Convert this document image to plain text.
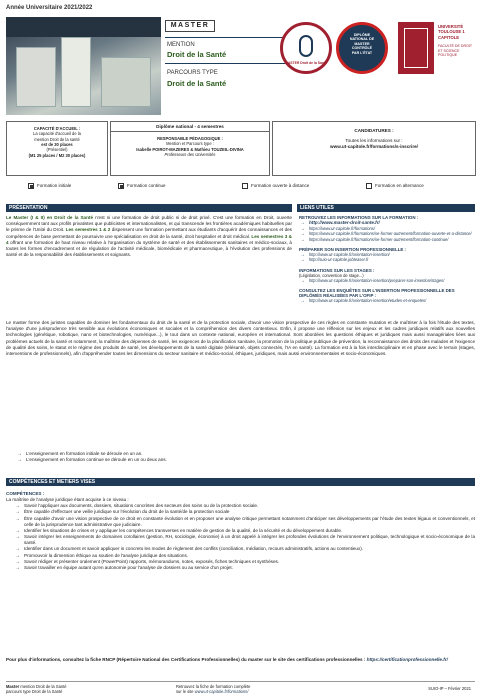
Année Universitaire 2021/2022
MASTER
MENTION
Droit de la Santé
PARCOURS TYPE
Droit de la Santé
MASTER Droit de la Santé
DIPLÔME
NATIONAL DE
MASTER
CONTRÔLÉ
PAR L'ÉTAT
UNIVERSITÉ
TOULOUSE 1
CAPITOLE
FACULTÉ DE DROIT ET SCIENCE POLITIQUE
CAPACITÉ D'ACCUEIL :
La capacité d'accueil de la
mention Droit de la santé
est de 30 places
(Présentiel)
(M1 25 places / M2 30 places)
Diplôme national - 4 semestres
RESPONSABLE PÉDAGOGIQUE :
Mention et Parcours type :
Isabelle POIROT-MAZERES & Mathieu TOUZEIL-DIVINA
Professeurs des Universités
CANDIDATURES :
Toutes les informations sur :
www.ut-capitole.fr/formations/s-inscrire/
Formation initiale	Formation continue	Formation ouverte à distance	Formation en alternance
PRÉSENTATION
Le Master (I & II) en Droit de la Santé n'est ni une formation de droit public ni de droit privé. C'est une formation en Droit, ouverte conséquemment tant aux profils privatistes que publicistes et internationalistes, et qui transcende les frontières académiques habituelles par le prisme de l'Unité du Droit. Les semestres 1 & 2 dispensent une formation permettant aux étudiants d'acquérir des connaissances et des compétences de base permettant de poursuivre une spécialisation en droit de la santé, droit hospitalier et droit médical. Les semestres 3 & 4 offrant une formation de haut niveau relative à l'organisation du système de santé et des établissements sanitaires et médico-sociaux, à toutes les formes d'encadrement et de régulation de l'activité médicale, biomédicale et pharmaceutique, à l'évolution des professions de santé et de la responsabilité des établissements et soignants.
Le master forme des juristes capables de dominer les fondamentaux du droit de la santé et de la protection sociale, d'avoir une vision prospective de ces règles en constante mutation et de maîtriser à la fois l'étude des textes, l'analyse d'une jurisprudence très sensible aux évolutions économiques et sociales et la compréhension des divers contentieux. Enfin, il propose une réflexion sur les enjeux et les cadres juridiques relatifs aux nouvelles technologies (génétique, robotique, nano et biotechnologies, numérique...), le tout dans un contexte national, européen et international. Sont abordées les questions éthiques et juridiques mais aussi managériales liées aux problèmes actuels de la santé et notamment, la maîtrise des dépenses de santé, les exigences de la planification sanitaire, la promotion de la politique publique de prévention, la reconnaissance des droits des malades et l'exigence de qualité des soins, le statut et le régime des produits de santé, les développements de la santé digitale (télésanté, objets connectés, l'IA en santé). La formation est à la fois interdisciplinaire et en phase avec le terrain (stages, interventions de professionnels), afin d'appréhender toutes les dimensions du secteur sanitaire et médico-social, éthiques, juridiques, mais aussi environnementales et socio-économiques.
→ L'enseignement en formation initiale se déroule en un an.
→ L'enseignement en formation continue se déroule en un ou deux ans.
LIENS UTILES
RETROUVEZ LES INFORMATIONS SUR LA FORMATION :
→ http://www.master-droit-sante.fr/
→ https://www.ut-capitole.fr/formations/
→ https://www.ut-capitole.fr/formations/se-former-autrement/formation-ouverte-et-a-distance/
→ https://www.ut-capitole.fr/formations/se-former-autrement/formation-continue/
PRÉPARER SON INSERTION PROFESSIONNELLE :
→ http://www.ut-capitole.fr/orientation-insertion/
→ http://suio-ut-capitole.jobteaser.fr
INFORMATIONS SUR LES STAGES :
(Législation, convention de stage...)
→ http://www.ut-capitole.fr/orientation-insertion/preparer-son-insertion/stages/
CONSULTEZ LES ENQUÊTES SUR L'INSERTION PROFESSIONNELLE DES DIPLÔMÉS RÉALISÉES PAR L'OFIP :
→ http://www.ut-capitole.fr/orientation-insertion/etudes-et-enquetes/
COMPÉTENCES ET METIERS VISES
COMPÉTENCES :
La maîtrise de l'analyse juridique étant acquise à ce niveau :
→ Savoir l'appliquer aux documents, dossiers, situations concrètes des secteurs des soins ou de la protection sociale.
→ Être capable d'effectuer une veille juridique sur l'évolution du droit de la santé/de la protection sociale
→ Être capable d'avoir une vision prospective de ce droit en constante évolution et en proposer une analyse critique permettant notamment d'anticiper ses développements par l'étude des textes légaux et conventionnels, et celle de la jurisprudence tant administrative que judiciaire.
→ Identifier les situations de crises et y appliquer les compétences transverses en matière de gestion de la qualité, de la sécurité et du développement durable.
→ Savoir intégrer les enseignements de domaines corollaires (gestion, RH, sociologie, économie) à un droit appelé à intégrer les profondes évolutions de l'environnement politique, technologique et socio-économique de la santé.
→ Identifier dans un document et savoir appliquer in concreto les modes de règlement des conflits (conciliation, médiation, recours administratifs, actions au contentieux).
→ Promouvoir la dimension éthique au soutien de l'analyse juridique des situations.
→ Savoir rédiger et présenter oralement (PowerPoint) rapports, mémorandums, notes, exposés, fiches techniques et synthèses.
→ Savoir travailler en équipe autant qu'en autonomie pour l'analyse de dossiers ou au service d'un projet.
Pour plus d'informations, consultez la fiche RNCP (Répertoire National des Certifications Professionnelles) du master sur le site des certifications professionnelles : https://certificationprofessionnelle.fr/
Master mention Droit de la Santé
parcours type Droit de la Santé
Retrouvez la fiche de formation complète
sur le site www.ut-capitole.fr/formations/
SUIO-IP – Février 2021
